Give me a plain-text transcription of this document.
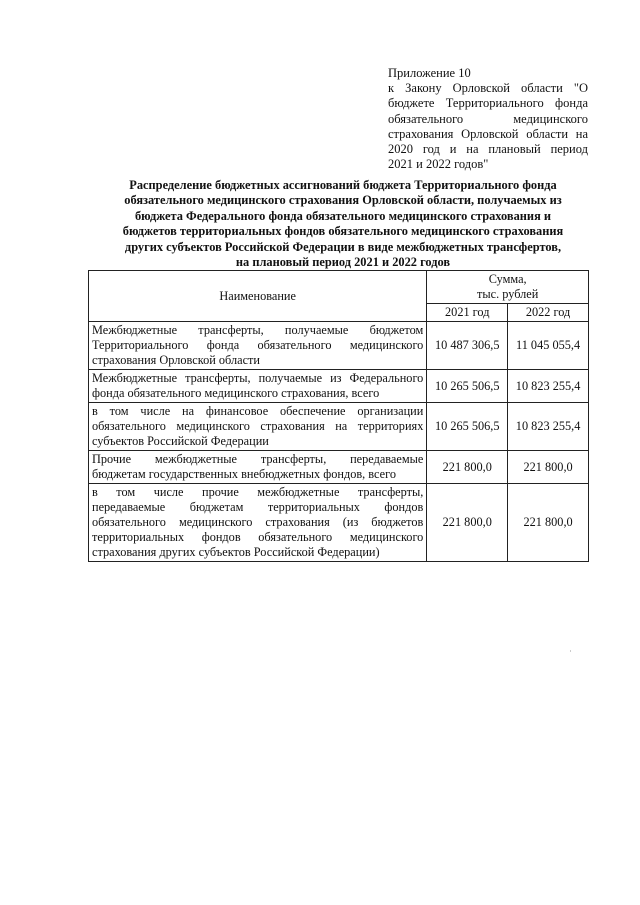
Приложение 10
к Закону Орловской области "О
бюджете Территориального фонда
обязательного медицинского
страхования Орловской области на
2020 год и на плановый период
2021 и 2022 годов"
Распределение бюджетных ассигнований бюджета Территориального фонда
обязательного медицинского страхования Орловской области, получаемых из
бюджета Федерального фонда обязательного медицинского страхования и
бюджетов территориальных фондов обязательного медицинского страхования
других субъектов Российской Федерации в виде межбюджетных трансфертов,
на плановый период 2021 и 2022 годов
Наименование	Сумма,
тыс. рублей	

	2021 год	2022 год

Межбюджетные трансферты, получаемые бюджетом
Территориального фонда обязательного медицинского
страхования Орловской области	10 487 306,5	11 045 055,4

Межбюджетные трансферты, получаемые из Федерального
фонда обязательного медицинского страхования, всего	10 265 506,5	10 823 255,4

в том числе на финансовое обеспечение организации
обязательного медицинского страхования на территориях
субъектов Российской Федерации	10 265 506,5	10 823 255,4

Прочие межбюджетные трансферты, передаваемые
бюджетам государственных внебюджетных фондов, всего	221 800,0	221 800,0

в том числе прочие межбюджетные трансферты,
передаваемые бюджетам территориальных фондов
обязательного медицинского страхования (из бюджетов
территориальных фондов обязательного медицинского
страхования других субъектов Российской Федерации)	221 800,0	221 800,0
